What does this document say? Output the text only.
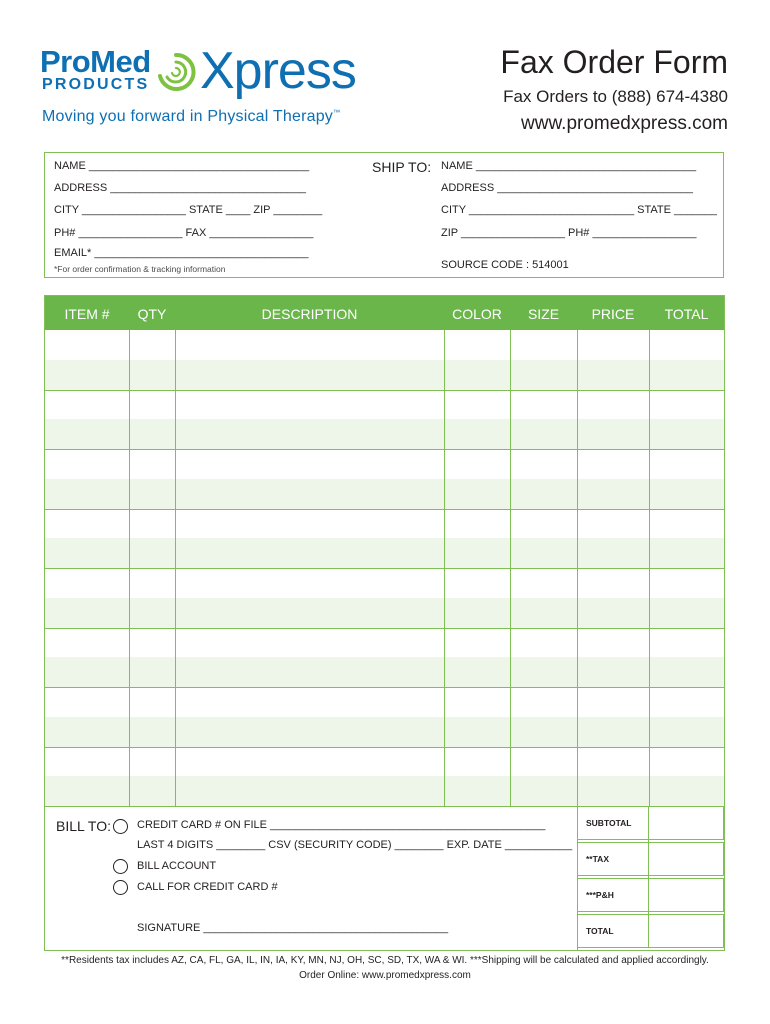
ProMed
PRODUCTS Xpress
Moving you forward in Physical Therapy™
Fax Order Form
Fax Orders to (888) 674-4380
www.promedxpress.com
NAME ____________________________________
ADDRESS ________________________________
CITY _________________ STATE ____ ZIP ________
PH# _________________ FAX _________________
EMAIL* ___________________________________
*For order confirmation & tracking information
SHIP TO: NAME ____________________________________
ADDRESS ________________________________
CITY ___________________________ STATE _______
ZIP _________________ PH# _________________
SOURCE CODE : 514001
ITEM #	QTY	DESCRIPTION	COLOR	SIZE	PRICE	TOTAL
BILL TO: CREDIT CARD # ON FILE _____________________________________________
LAST 4 DIGITS ________ CSV (SECURITY CODE) ________ EXP. DATE ___________
BILL ACCOUNT
CALL FOR CREDIT CARD #
SIGNATURE ________________________________________
SUBTOTAL
**TAX
***P&H
TOTAL
**Residents tax includes AZ, CA, FL, GA, IL, IN, IA, KY, MN, NJ, OH, SC, SD, TX, WA & WI. ***Shipping will be calculated and applied accordingly.
Order Online: www.promedxpress.com
